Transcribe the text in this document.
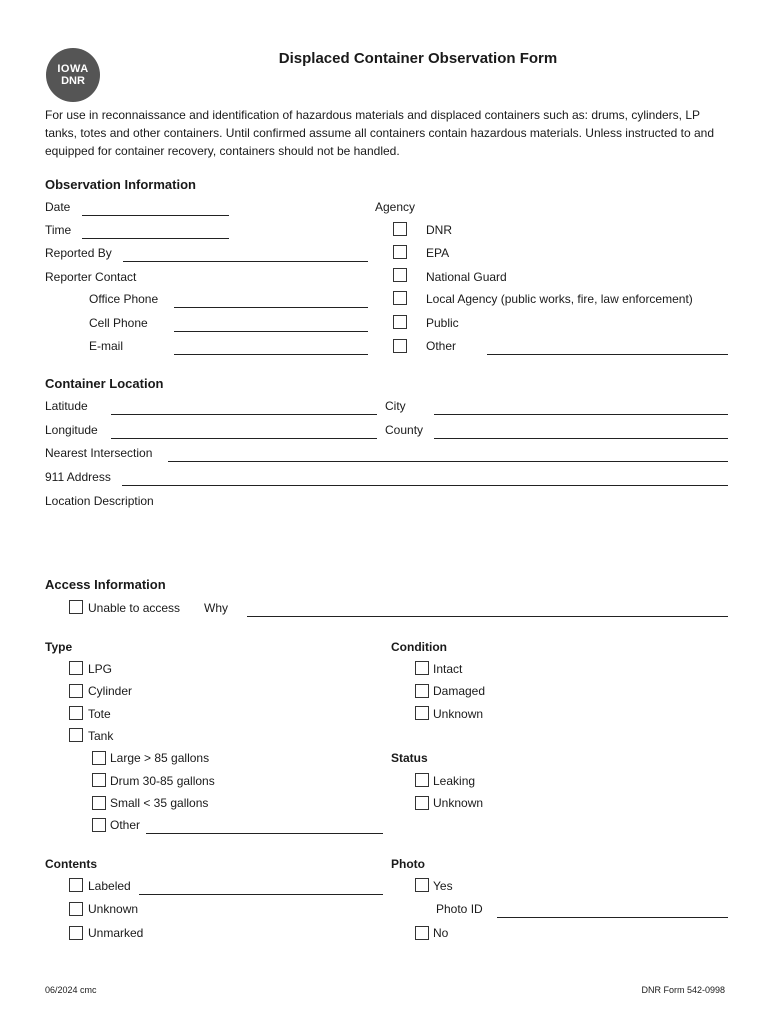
IOWA
DNR
Displaced Container Observation Form
For use in reconnaissance and identification of hazardous materials and displaced containers such as: drums, cylinders, LP tanks, totes and other containers. Until confirmed assume all containers contain hazardous materials. Unless instructed to and equipped for container recovery, containers should not be handled.
Observation Information
Date
Time
Reported By
Reporter Contact
Office Phone
Cell Phone
E-mail
Agency
DNR
EPA
National Guard
Local Agency (public works, fire, law enforcement)
Public
Other
Container Location
Latitude	City
Longitude	County
Nearest Intersection
911 Address
Location Description
Access Information
Unable to access Why
Type
LPG
Cylinder
Tote
Tank
Large > 85 gallons
Drum 30-85 gallons
Small < 35 gallons
Other
Condition
Intact
Damaged
Unknown
Status
Leaking
Unknown
Contents
Labeled
Unknown
Unmarked
Photo
Yes
Photo ID
No
06/2024 cmc	DNR Form 542-0998
